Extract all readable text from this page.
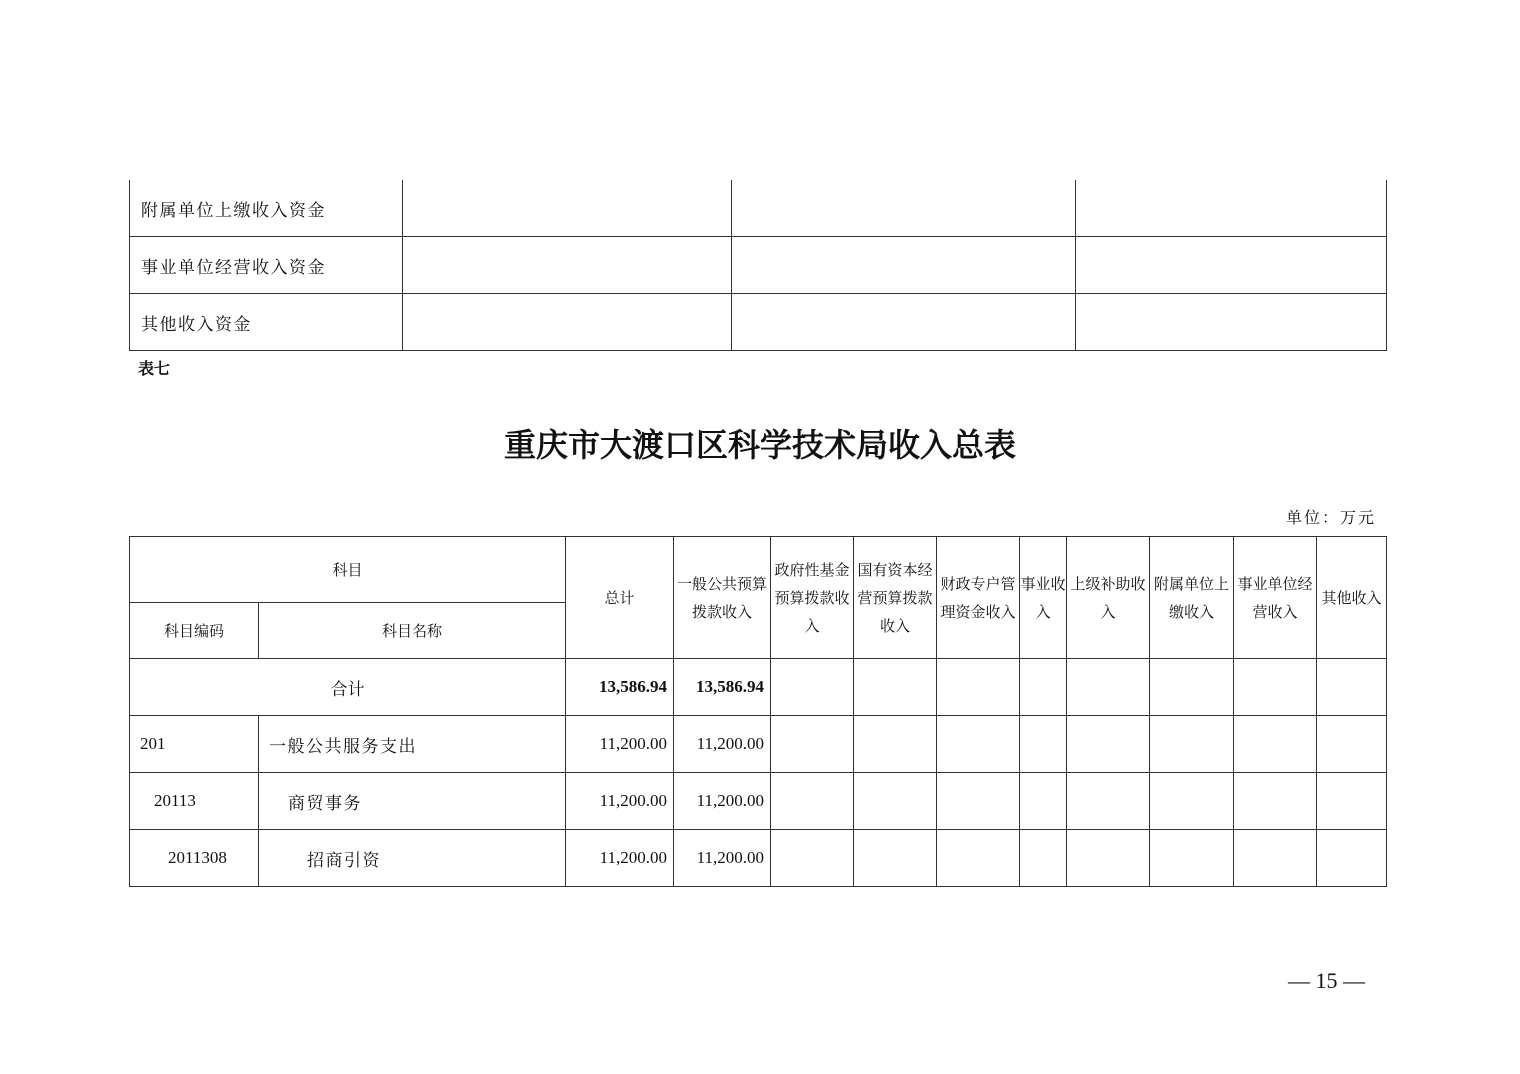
附属单位上缴收入资金			
事业单位经营收入资金			
其他收入资金			
表七
重庆市大渡口区科学技术局收入总表
单位：万元
科目		总计	一般公共预算拨款收入	政府性基金预算拨款收入	国有资本经营预算拨款收入	财政专户管理资金收入	事业收入	上级补助收入	附属单位上缴收入	事业单位经营收入	其他收入
科目编码	科目名称										
合计		13,586.94	13,586.94								
201	一般公共服务支出	11,200.00	11,200.00								
20113	商贸事务	11,200.00	11,200.00								
2011308	招商引资	11,200.00	11,200.00								
— 15 —
